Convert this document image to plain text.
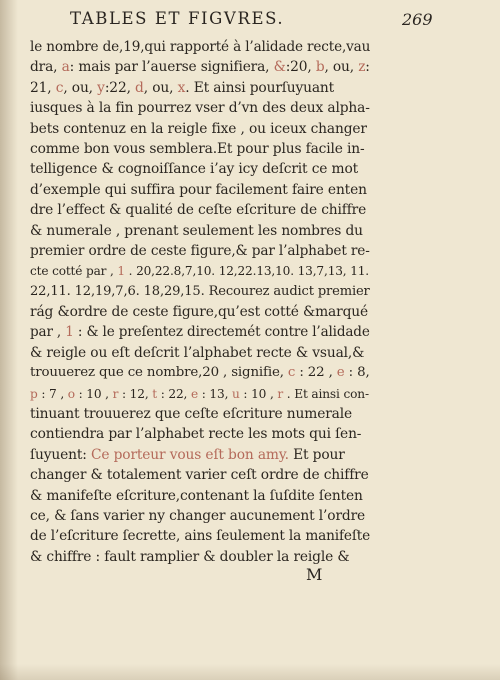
TABLES ET FIGVRES.	269
le nombre de,19,qui rapporté à l’alidade recte,vau
dra, a: mais par l’auerse signifiera, &:20, b, ou, z:
21, c, ou, y:22, d, ou, x. Et ainsi pourſuyuant
iusques à la fin pourrez vser d’vn des deux alpha-
bets contenuz en la reigle fixe , ou iceux changer
comme bon vous semblera.Et pour plus facile in-
telligence & cognoiſſance i’ay icy deſcrit ce mot
d’exemple qui suffira pour facilement faire enten
dre l’effect & qualité de ceſte eſcriture de chiffre
& numerale , prenant seulement les nombres du
premier ordre de ceste figure,& par l’alphabet re-
cte cotté par , 1 . 20,22.8,7,10. 12,22.13,10. 13,7,13, 11.
22,11. 12,19,7,6. 18,29,15. Recourez audict premier
rág &ordre de ceste figure,qu’est cotté &marqué
par , 1 : & le preſentez directemét contre l’alidade
& reigle ou eſt deſcrit l’alphabet recte & vsual,&
trouuerez que ce nombre,20 , signifie, c : 22 , e : 8,
p : 7 , o : 10 , r : 12, t : 22, e : 13, u : 10 , r . Et ainsi con-
tinuant trouuerez que ceſte eſcriture numerale
contiendra par l’alphabet recte les mots qui ſen-
ſuyuent: Ce porteur vous eſt bon amy. Et pour
changer & totalement varier ceſt ordre de chiffre
& manifeſte eſcriture,contenant la ſuſdite ſenten
ce, & ſans varier ny changer aucunement l’ordre
de l’eſcriture ſecrette, ains ſeulement la manifeſte
& chiffre : fault ramplier & doubler la reigle &
M
